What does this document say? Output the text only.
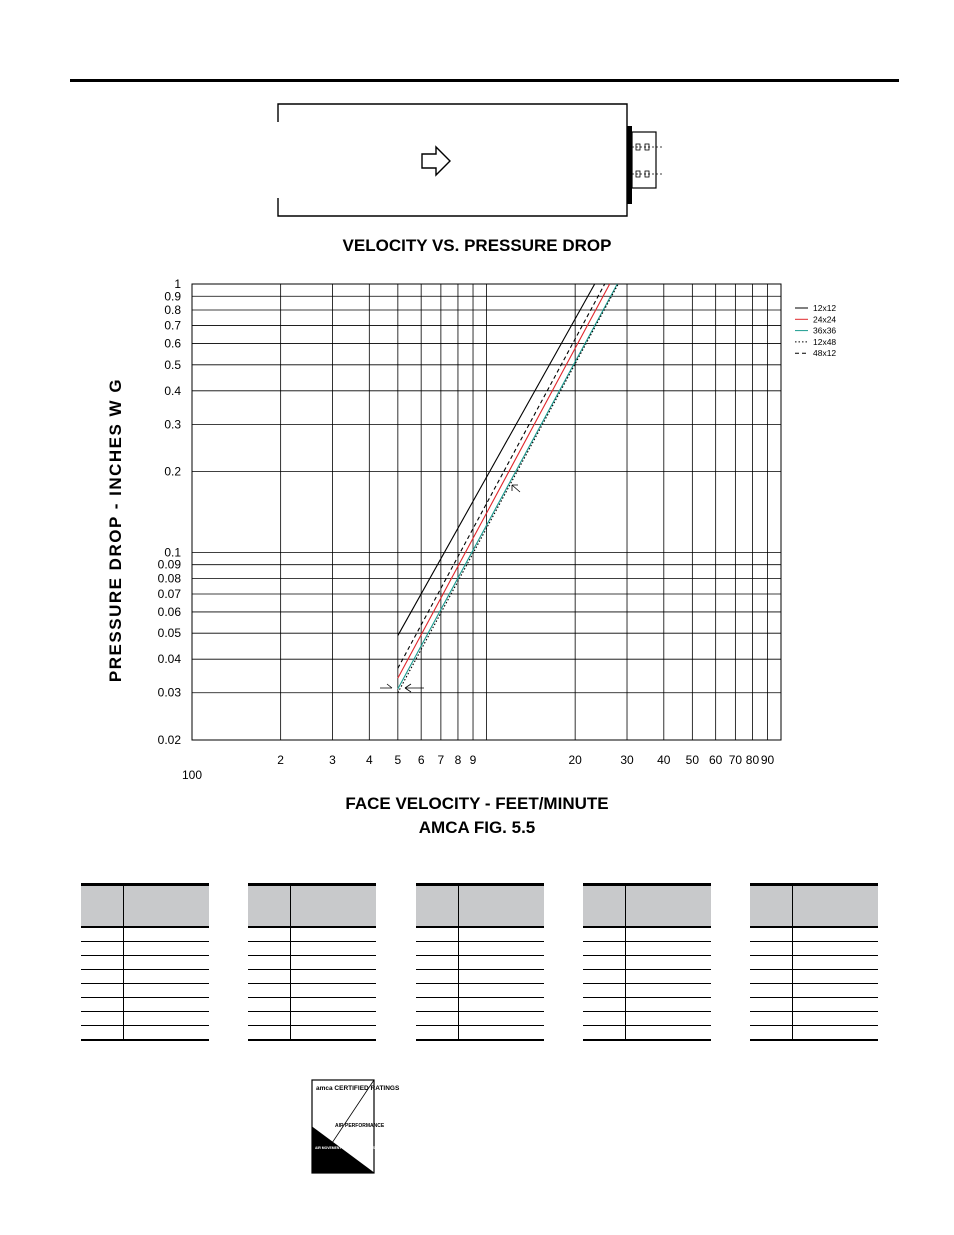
VELOCITY VS. PRESSURE DROP
100
2	3	4 5 6 7 8 9	20	30 40 50 60 70 80 90
1
0.9
0.8
0.7
0.6
0.5
0.4
0.3
0.2
0.1
0.09
0.08
0.07
0.06
0.05
0.04
0.03
0.02
12x12
24x24
36x36
12x48
48x12
PRESSURE DROP - INCHES W G
FACE VELOCITY - FEET/MINUTE
AMCA FIG. 5.5

amca CERTIFIED RATINGS
AIR PERFORMANCE
AIR MOVEMENT AND CONTROL ASSOCIATION, INC.
